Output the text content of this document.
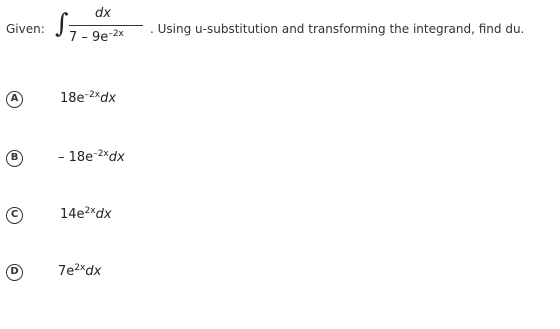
Given: ∫ dx
$7 - 9e^{-2x}$ . Using u-substitution and transforming the integrand, find du.
A	$18e^{-2x}dx$
B	– $18e^{-2x}dx$
C	$14e^{2x}dx$
D	$7e^{2x}dx$
